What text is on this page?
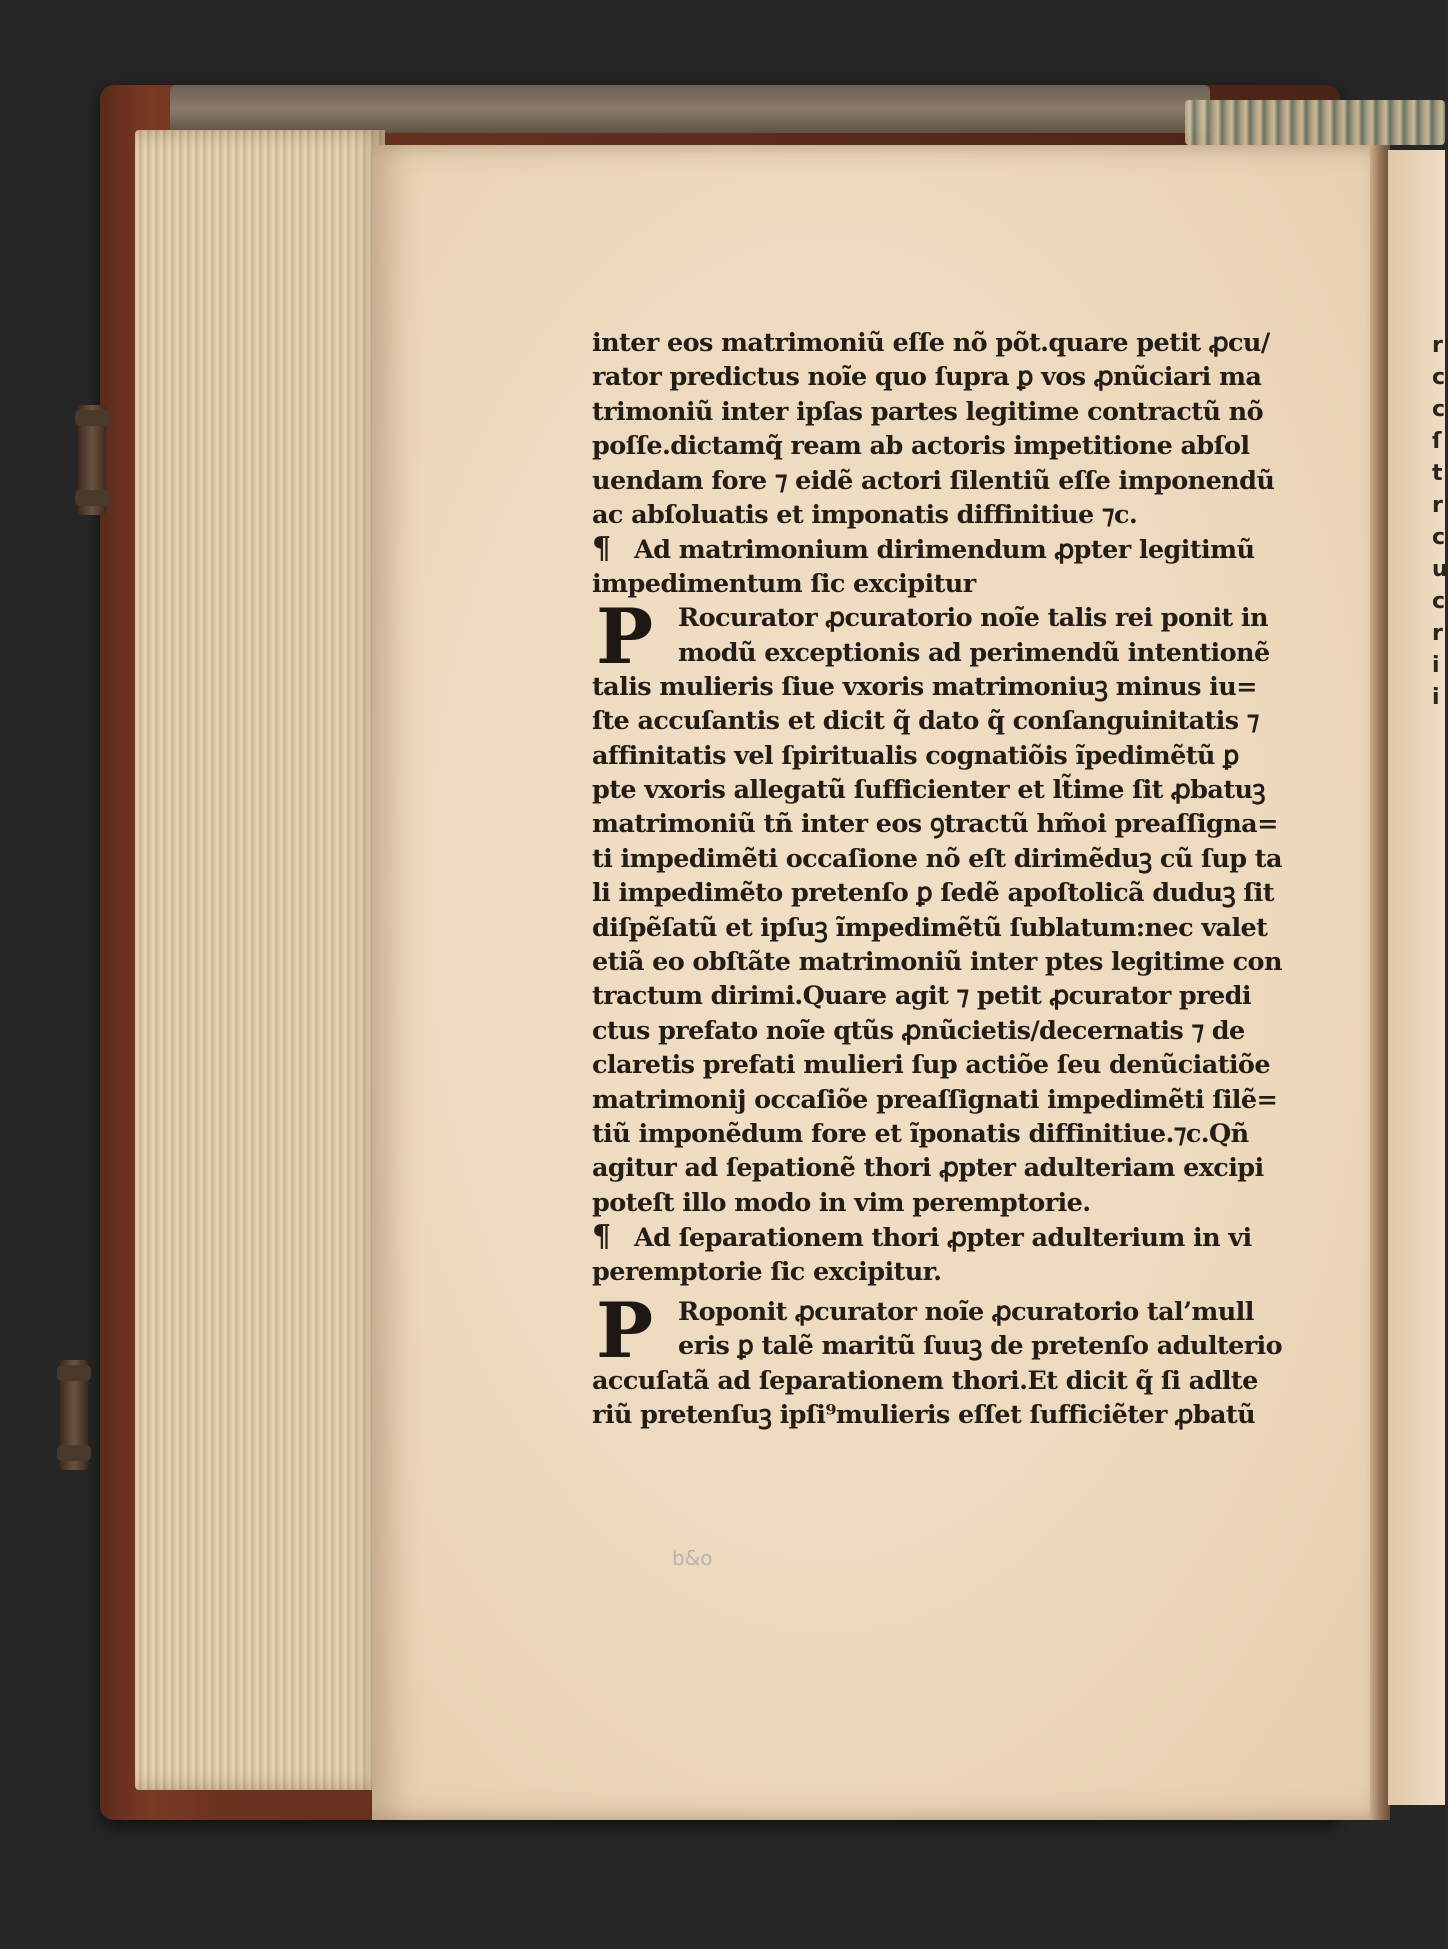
r
c
c
ſ
t
r
c
u
c
r
i
i
inter eos matrimoniũ eſſe nõ põt.quare petit ꝓcu/
rator predictus noĩe quo ſupra ꝑ vos ꝓnũciari ma
trimoniũ inter ipſas partes legitime contractũ nõ
poſſe.dictamq̃ ream ab actoris impetitione abſol
uendam fore ⁊ eidẽ actori ſilentiũ eſſe imponendũ
ac abſoluatis et imponatis diffinitiue ⁊c.
¶ Ad matrimonium dirimendum ꝓpter legitimũ
impedimentum ſic excipitur
P Rocurator ꝓcuratorio noĩe talis rei ponit in
modũ exceptionis ad perimendũ intentionẽ
talis mulieris ſiue vxoris matrimoniuꝫ minus iu=
ſte accuſantis et dicit q̃ dato q̃ conſanguinitatis ⁊
affinitatis vel ſpiritualis cognatiõis ĩpedimẽtũ ꝑ
pte vxoris allegatũ ſufficienter et lt̃ime ſit ꝓbatuꝫ
matrimoniũ tñ inter eos ꝯtractũ hm̃oi preaſſigna=
ti impedimẽti occaſione nõ eſt dirimẽduꝫ cũ ſup ta
li impedimẽto pretenſo ꝑ ſedẽ apoſtolicã duduꝫ ſit
diſpẽſatũ et ipſuꝫ ĩmpedimẽtũ ſublatum:nec valet
etiã eo obſtãte matrimoniũ inter ptes legitime con
tractum dirimi.Quare agit ⁊ petit ꝓcurator predi
ctus prefato noĩe qtũs ꝓnũcietis/decernatis ⁊ de
claretis prefati mulieri ſup actiõe ſeu denũciatiõe
matrimonij occaſiõe preaſſignati impedimẽti ſilẽ=
tiũ imponẽdum fore et ĩponatis diffinitiue.⁊c.Qñ
agitur ad ſepationẽ thori ꝓpter adulteriam excipi
poteſt illo modo in vim peremptorie.
¶ Ad ſeparationem thori ꝓpter adulterium in vi
peremptorie ſic excipitur.
P Roponit ꝓcurator noĩe ꝓcuratorio tal’mull
eris ꝑ talẽ maritũ ſuuꝫ de pretenſo adulterio
accuſatã ad ſeparationem thori.Et dicit q̃ ſi adlte
riũ pretenſuꝫ ipſi⁹mulieris eſſet ſufficiẽter ꝓbatũ
b&o
